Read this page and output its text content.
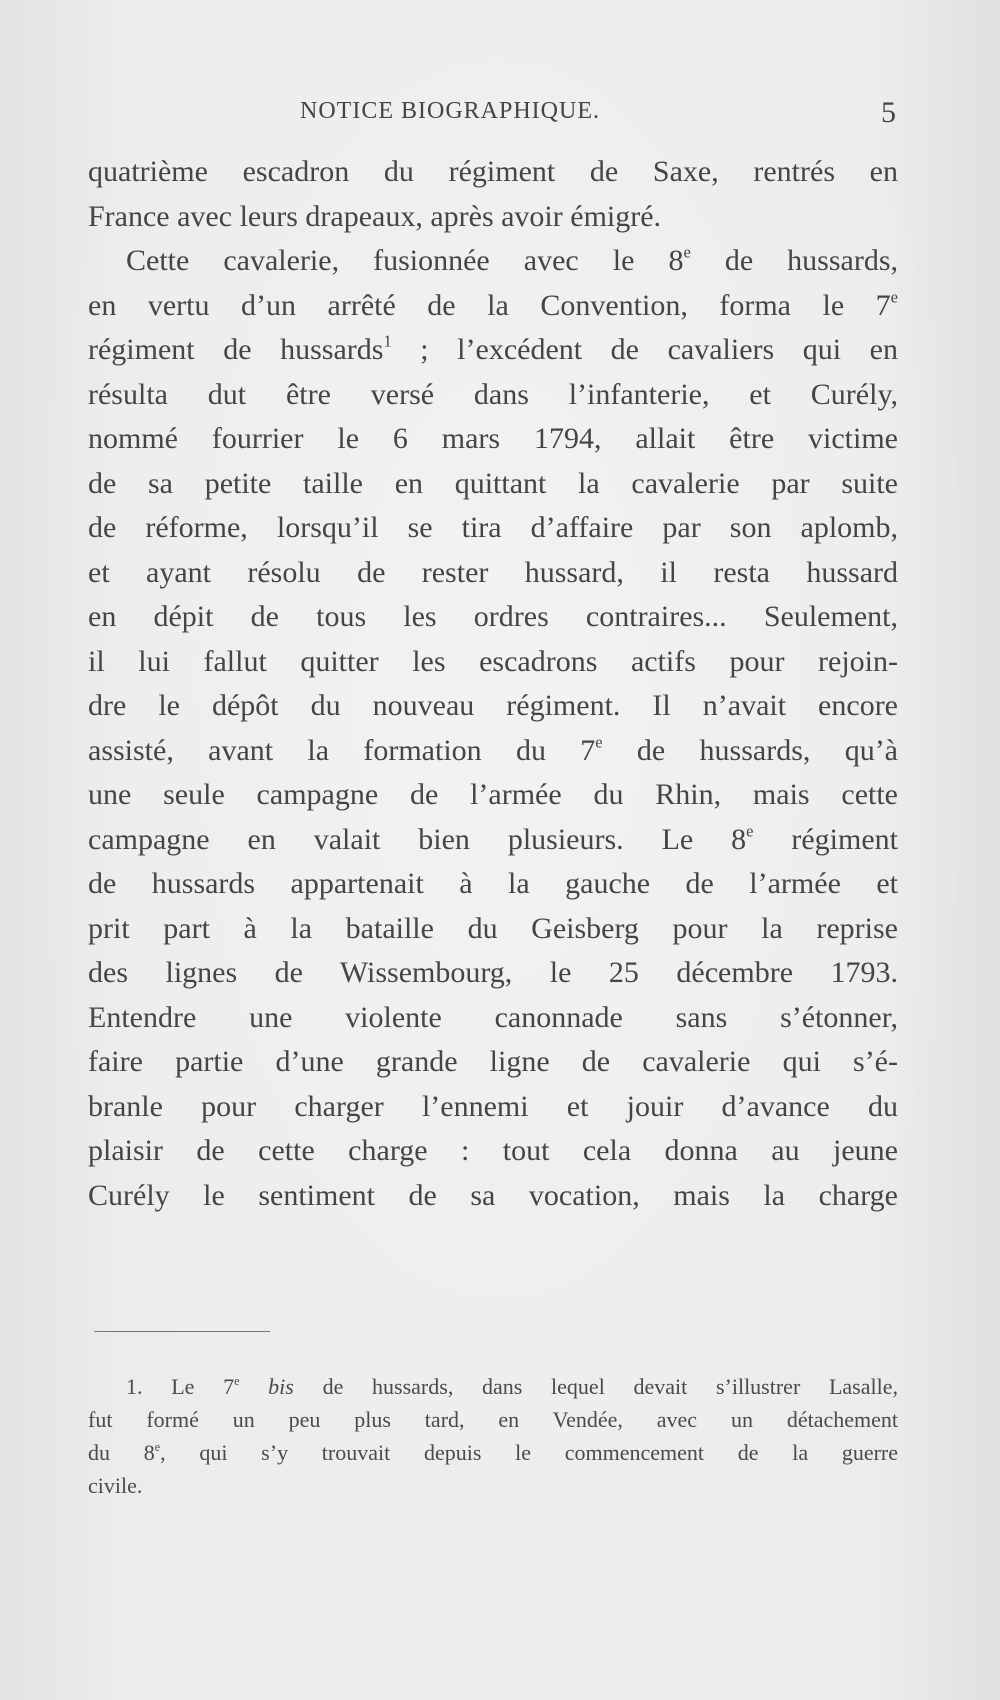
NOTICE BIOGRAPHIQUE.	5
quatrième escadron du régiment de Saxe, rentrés en
France avec leurs drapeaux, après avoir émigré.
Cette cavalerie, fusionnée avec le 8e de hussards,
en vertu d’un arrêté de la Convention, forma le 7e
régiment de hussards$^1$ ; l’excédent de cavaliers qui en
résulta dut être versé dans l’infanterie, et Curély,
nommé fourrier le 6 mars 1794, allait être victime
de sa petite taille en quittant la cavalerie par suite
de réforme, lorsqu’il se tira d’affaire par son aplomb,
et ayant résolu de rester hussard, il resta hussard
en dépit de tous les ordres contraires... Seulement,
il lui fallut quitter les escadrons actifs pour rejoin-
dre le dépôt du nouveau régiment. Il n’avait encore
assisté, avant la formation du 7e de hussards, qu’à
une seule campagne de l’armée du Rhin, mais cette
campagne en valait bien plusieurs. Le 8e régiment
de hussards appartenait à la gauche de l’armée et
prit part à la bataille du Geisberg pour la reprise
des lignes de Wissembourg, le 25 décembre 1793.
Entendre une violente canonnade sans s’étonner,
faire partie d’une grande ligne de cavalerie qui s’é-
branle pour charger l’ennemi et jouir d’avance du
plaisir de cette charge : tout cela donna au jeune
Curély le sentiment de sa vocation, mais la charge
1. Le 7e bis de hussards, dans lequel devait s’illustrer Lasalle,
fut formé un peu plus tard, en Vendée, avec un détachement
du 8e, qui s’y trouvait depuis le commencement de la guerre
civile.
